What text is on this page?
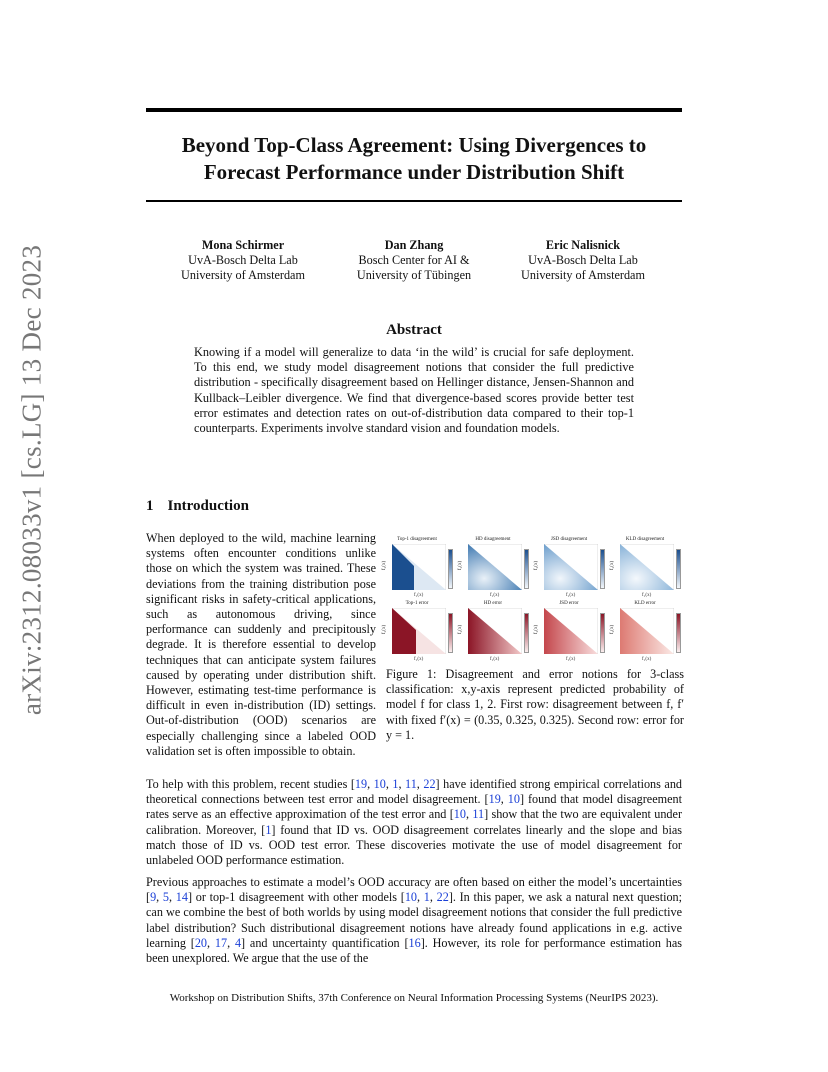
arXiv:2312.08033v1 [cs.LG] 13 Dec 2023
Beyond Top-Class Agreement: Using Divergences to
Forecast Performance under Distribution Shift
Mona Schirmer
UvA-Bosch Delta Lab
University of Amsterdam
Dan Zhang
Bosch Center for AI &
University of Tübingen
Eric Nalisnick
UvA-Bosch Delta Lab
University of Amsterdam
Abstract
Knowing if a model will generalize to data ‘in the wild’ is crucial for safe deployment. To this end, we study model disagreement notions that consider the full predictive distribution - specifically disagreement based on Hellinger distance, Jensen-Shannon and Kullback–Leibler divergence. We find that divergence-based scores provide better test error estimates and detection rates on out-of-distribution data compared to their top-1 counterparts. Experiments involve standard vision and foundation models.
1 Introduction
When deployed to the wild, machine learning systems often encounter conditions unlike those on which the system was trained. These deviations from the training distribution pose significant risks in safety-critical applications, such as autonomous driving, since performance can suddenly and precipitously degrade. It is therefore essential to develop techniques that can anticipate system failures caused by operating under distribution shift. However, estimating test-time performance is difficult in even in-distribution (ID) settings. Out-of-distribution (OOD) scenarios are especially challenging since a labeled OOD validation set is often impossible to obtain.
Top-1 disagreement
f₁(x)
f₂(x)
HD disagreement
f₁(x)
f₂(x)
JSD disagreement
f₁(x)
f₂(x)
KLD disagreement
f₁(x)
f₂(x)
Top-1 error
f₁(x)
f₂(x)
HD error
f₁(x)
f₂(x)
JSD error
f₁(x)
f₂(x)
KLD error
f₁(x)
f₂(x)
Figure 1: Disagreement and error notions for 3-class classification: x,y-axis represent predicted probability of model f for class 1, 2. First row: disagreement between f, f′ with fixed f′(x) = (0.35, 0.325, 0.325). Second row: error for y = 1.
To help with this problem, recent studies [19, 10, 1, 11, 22] have identified strong empirical correlations and theoretical connections between test error and model disagreement. [19, 10] found that model disagreement rates serve as an effective approximation of the test error and [10, 11] show that the two are equivalent under calibration. Moreover, [1] found that ID vs. OOD disagreement correlates linearly and the slope and bias match those of ID vs. OOD test error. These discoveries motivate the use of model disagreement for unlabeled OOD performance estimation.
Previous approaches to estimate a model’s OOD accuracy are often based on either the model’s uncertainties [9, 5, 14] or top-1 disagreement with other models [10, 1, 22]. In this paper, we ask a natural next question; can we combine the best of both worlds by using model disagreement notions that consider the full predictive label distribution? Such distributional disagreement notions have already found applications in e.g. active learning [20, 17, 4] and uncertainty quantification [16]. However, its role for performance estimation has been unexplored. We argue that the use of the
Workshop on Distribution Shifts, 37th Conference on Neural Information Processing Systems (NeurIPS 2023).
